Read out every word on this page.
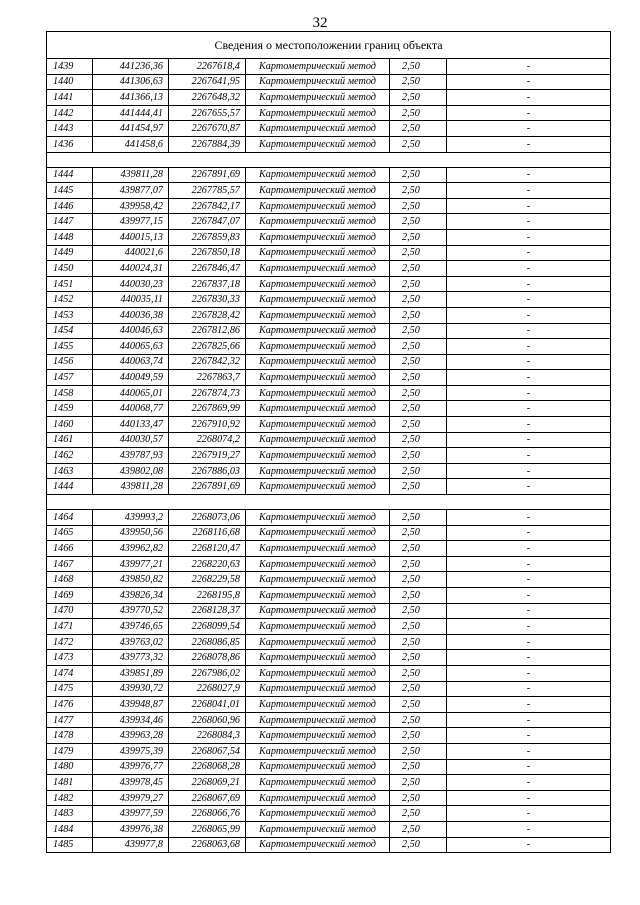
32
Сведения о местоположении границ объекта					
1439	441236,36	2267618,4	Картометрический метод	2,50	-
1440	441306,63	2267641,95	Картометрический метод	2,50	-
1441	441366,13	2267648,32	Картометрический метод	2,50	-
1442	441444,41	2267655,57	Картометрический метод	2,50	-
1443	441454,97	2267670,87	Картометрический метод	2,50	-
1436	441458,6	2267884,39	Картометрический метод	2,50	-

1444	439811,28	2267891,69	Картометрический метод	2,50	-
1445	439877,07	2267785,57	Картометрический метод	2,50	-
1446	439958,42	2267842,17	Картометрический метод	2,50	-
1447	439977,15	2267847,07	Картометрический метод	2,50	-
1448	440015,13	2267859,83	Картометрический метод	2,50	-
1449	440021,6	2267850,18	Картометрический метод	2,50	-
1450	440024,31	2267846,47	Картометрический метод	2,50	-
1451	440030,23	2267837,18	Картометрический метод	2,50	-
1452	440035,11	2267830,33	Картометрический метод	2,50	-
1453	440036,38	2267828,42	Картометрический метод	2,50	-
1454	440046,63	2267812,86	Картометрический метод	2,50	-
1455	440065,63	2267825,66	Картометрический метод	2,50	-
1456	440063,74	2267842,32	Картометрический метод	2,50	-
1457	440049,59	2267863,7	Картометрический метод	2,50	-
1458	440065,01	2267874,73	Картометрический метод	2,50	-
1459	440068,77	2267869,99	Картометрический метод	2,50	-
1460	440133,47	2267910,92	Картометрический метод	2,50	-
1461	440030,57	2268074,2	Картометрический метод	2,50	-
1462	439787,93	2267919,27	Картометрический метод	2,50	-
1463	439802,08	2267886,03	Картометрический метод	2,50	-
1444	439811,28	2267891,69	Картометрический метод	2,50	-

1464	439993,2	2268073,06	Картометрический метод	2,50	-
1465	439950,56	2268116,68	Картометрический метод	2,50	-
1466	439962,82	2268120,47	Картометрический метод	2,50	-
1467	439977,21	2268220,63	Картометрический метод	2,50	-
1468	439850,82	2268229,58	Картометрический метод	2,50	-
1469	439826,34	2268195,8	Картометрический метод	2,50	-
1470	439770,52	2268128,37	Картометрический метод	2,50	-
1471	439746,65	2268099,54	Картометрический метод	2,50	-
1472	439763,02	2268086,85	Картометрический метод	2,50	-
1473	439773,32	2268078,86	Картометрический метод	2,50	-
1474	439851,89	2267986,02	Картометрический метод	2,50	-
1475	439930,72	2268027,9	Картометрический метод	2,50	-
1476	439948,87	2268041,01	Картометрический метод	2,50	-
1477	439934,46	2268060,96	Картометрический метод	2,50	-
1478	439963,28	2268084,3	Картометрический метод	2,50	-
1479	439975,39	2268067,54	Картометрический метод	2,50	-
1480	439976,77	2268068,28	Картометрический метод	2,50	-
1481	439978,45	2268069,21	Картометрический метод	2,50	-
1482	439979,27	2268067,69	Картометрический метод	2,50	-
1483	439977,59	2268066,76	Картометрический метод	2,50	-
1484	439976,38	2268065,99	Картометрический метод	2,50	-
1485	439977,8	2268063,68	Картометрический метод	2,50	-
